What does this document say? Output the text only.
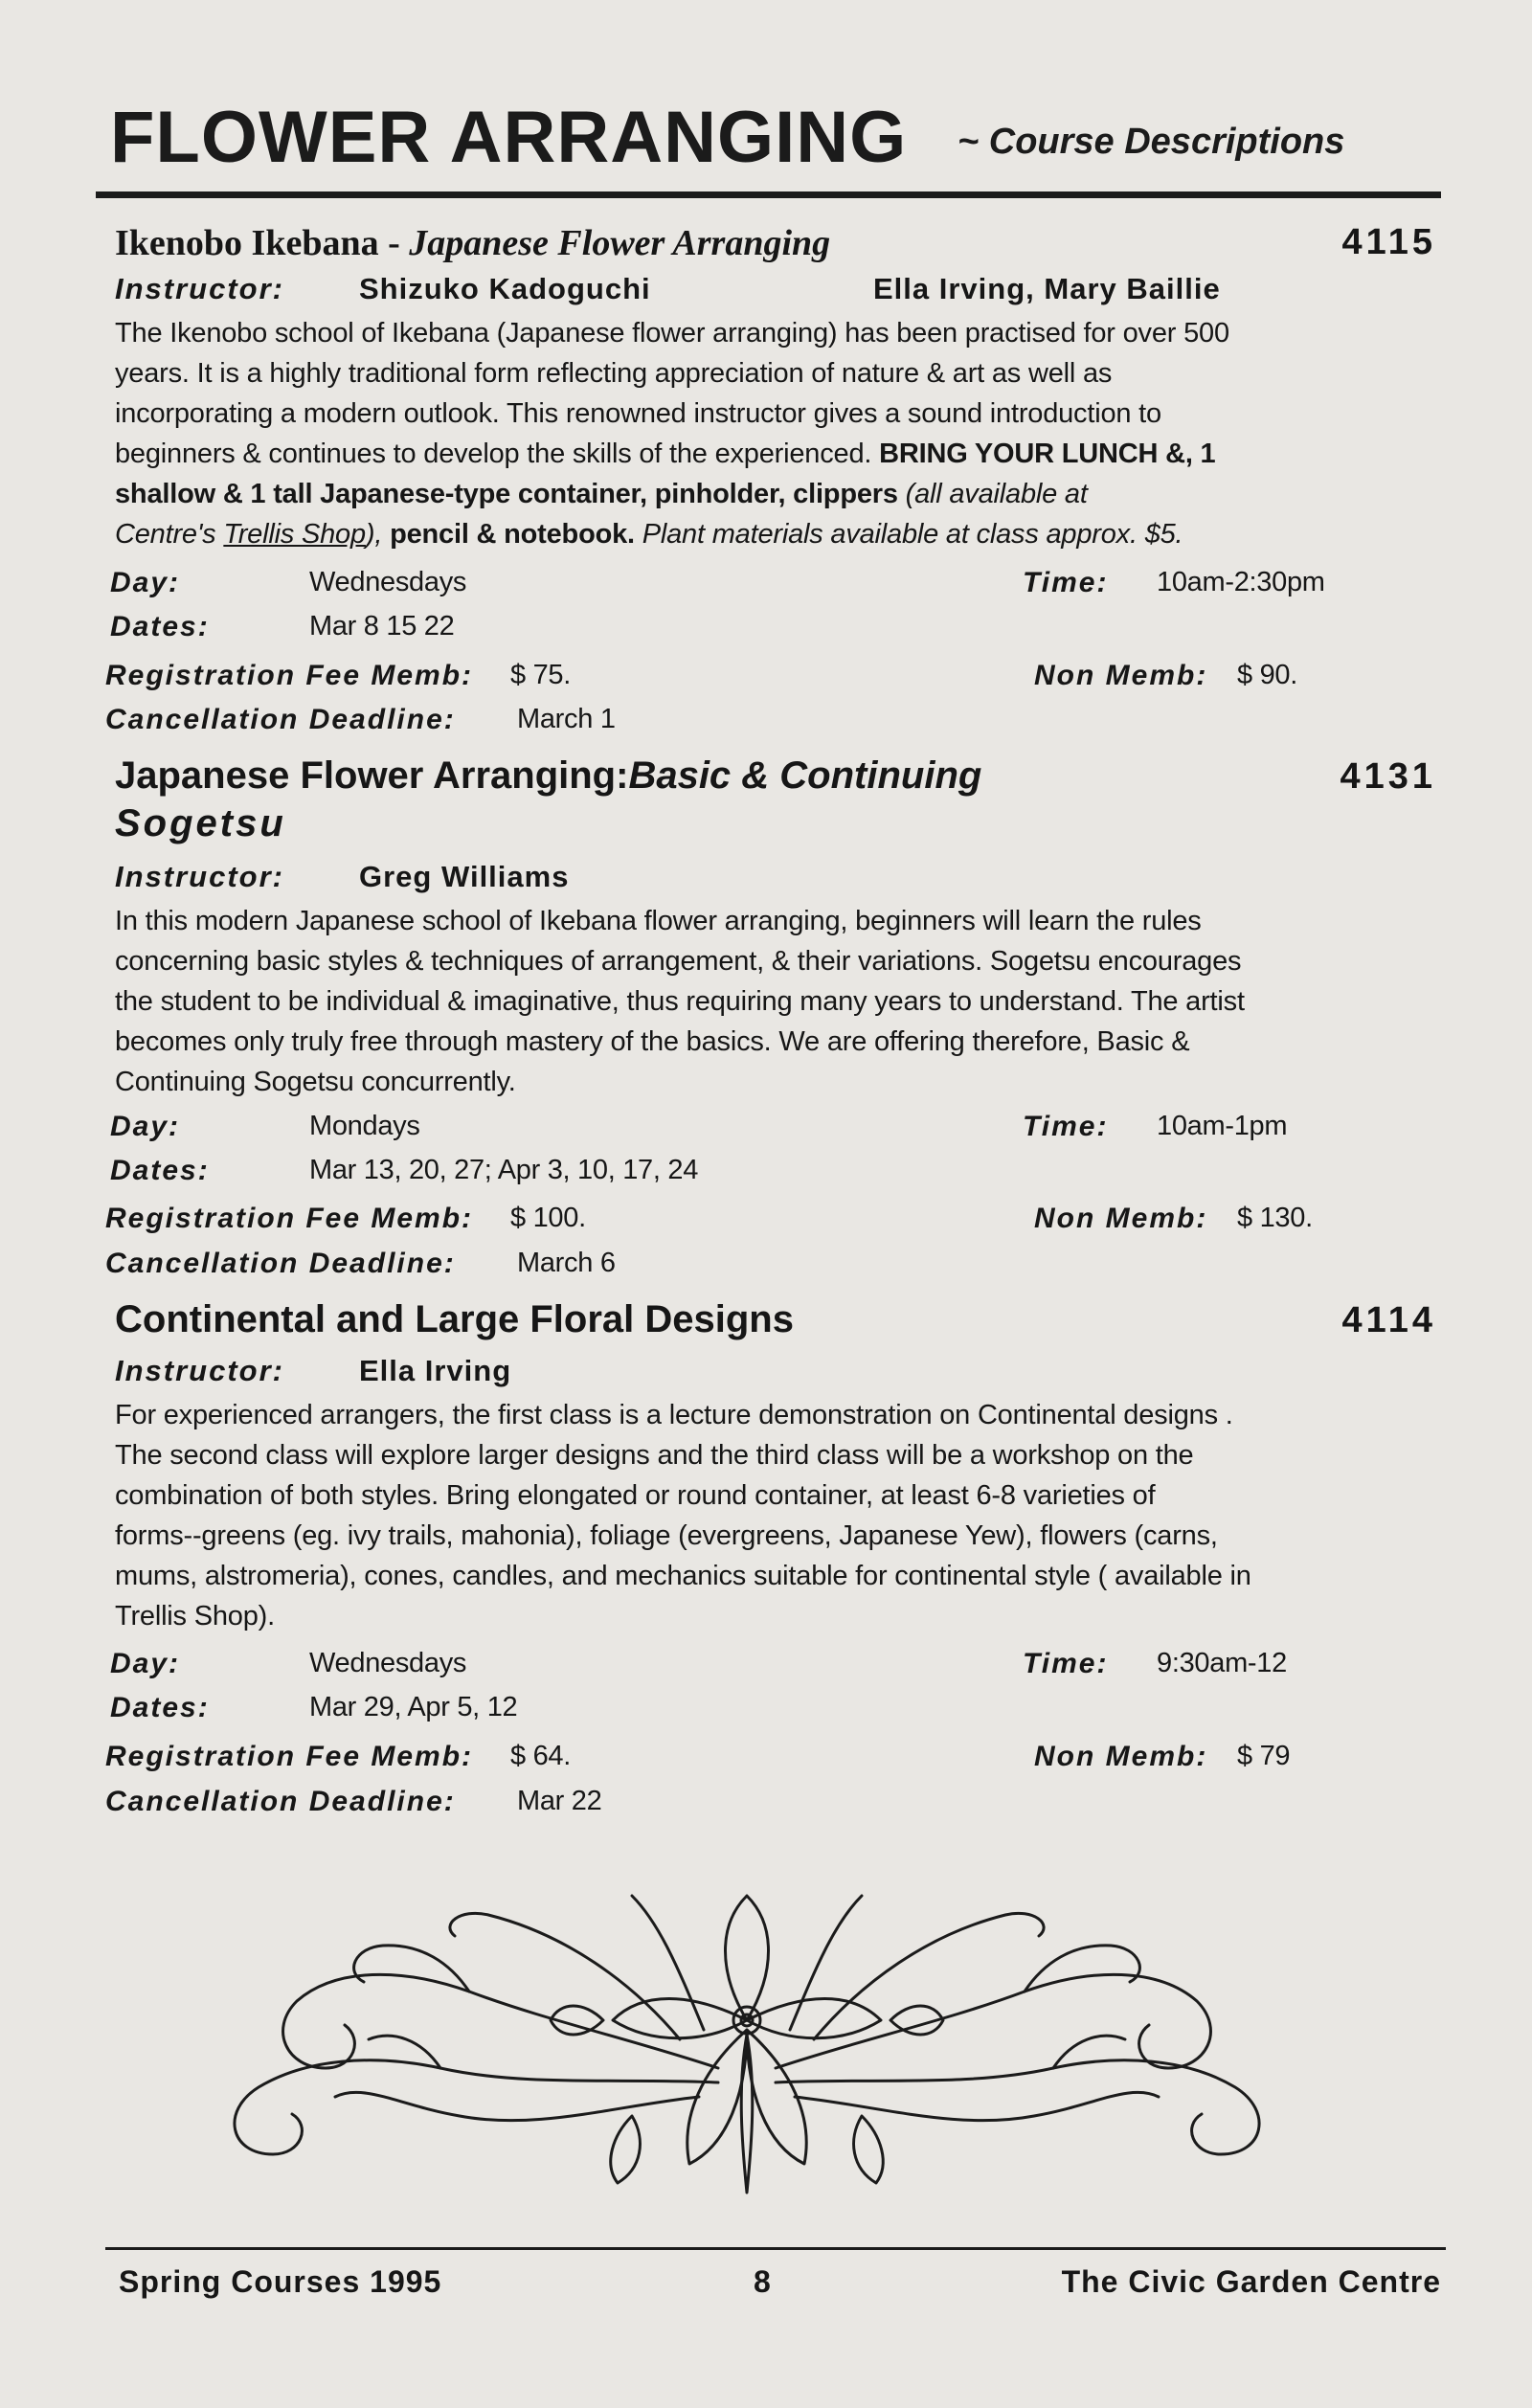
FLOWER ARRANGING ~ Course Descriptions
Ikenobo Ikebana - Japanese Flower Arranging	4115
Instructor:	Shizuko Kadoguchi	Ella Irving, Mary Baillie
The Ikenobo school of Ikebana (Japanese flower arranging) has been practised for over 500
years. It is a highly traditional form reflecting appreciation of nature & art as well as
incorporating a modern outlook. This renowned instructor gives a sound introduction to
beginners & continues to develop the skills of the experienced. BRING YOUR LUNCH &, 1
shallow & 1 tall Japanese-type container, pinholder, clippers (all available at
Centre's Trellis Shop), pencil & notebook. Plant materials available at class approx. $5.
Day:	Wednesdays	Time: 10am-2:30pm
Dates:	Mar 8 15 22
Registration Fee Memb: $ 75.	Non Memb: $ 90.
Cancellation Deadline: March 1
Japanese Flower Arranging:Basic & Continuing	4131
Sogetsu
Instructor:	Greg Williams
In this modern Japanese school of Ikebana flower arranging, beginners will learn the rules
concerning basic styles & techniques of arrangement, & their variations. Sogetsu encourages
the student to be individual & imaginative, thus requiring many years to understand. The artist
becomes only truly free through mastery of the basics. We are offering therefore, Basic &
Continuing Sogetsu concurrently.
Day:	Mondays	Time: 10am-1pm
Dates:	Mar 13, 20, 27; Apr 3, 10, 17, 24
Registration Fee Memb: $ 100.	Non Memb: $ 130.
Cancellation Deadline: March 6
Continental and Large Floral Designs	4114
Instructor:	Ella Irving
For experienced arrangers, the first class is a lecture demonstration on Continental designs .
The second class will explore larger designs and the third class will be a workshop on the
combination of both styles. Bring elongated or round container, at least 6-8 varieties of
forms--greens (eg. ivy trails, mahonia), foliage (evergreens, Japanese Yew), flowers (carns,
mums, alstromeria), cones, candles, and mechanics suitable for continental style ( available in
Trellis Shop).
Day:	Wednesdays	Time: 9:30am-12
Dates:	Mar 29, Apr 5, 12
Registration Fee Memb: $ 64.	Non Memb: $ 79
Cancellation Deadline: Mar 22
Spring Courses 1995	8	The Civic Garden Centre
